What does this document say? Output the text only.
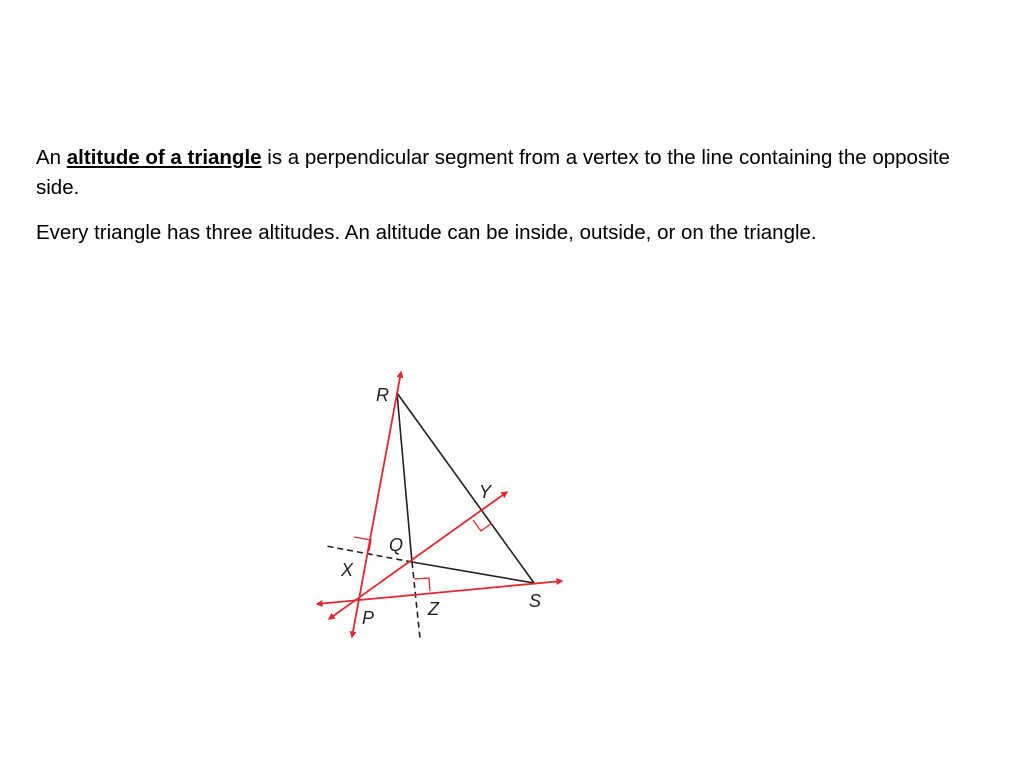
An altitude of a triangle is a perpendicular segment from a vertex to the line containing the opposite side.

Every triangle has three altitudes. An altitude can be inside, outside, or on the triangle.

R
Y
Q
X
S
P	Z
